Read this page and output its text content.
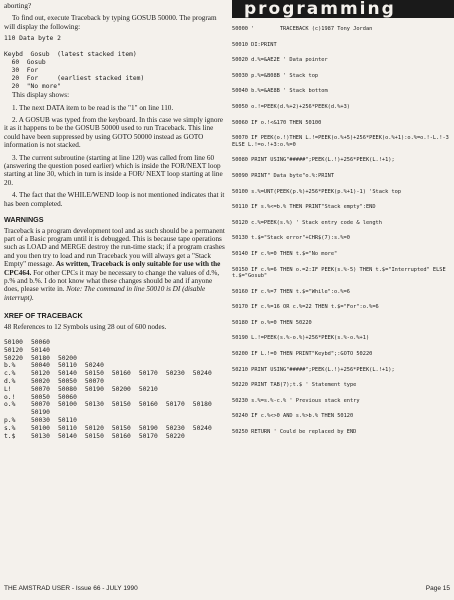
programming

aborting?

To find out, execute Traceback by typing GOSUB 50000. The program will display the following:

110 Data byte 2

Keybd  Gosub  (latest stacked item)
60  Gosub
30  For
20  For     (earliest stacked item)
20  "No more"

This display shows:

1. The next DATA item to be read is the "1" on line 110.

2. A GOSUB was typed from the keyboard. In this case we simply ignore it as it happens to be the GOSUB 50000 used to run Traceback. This line could have been suppressed by using GOTO 50000 instead as GOTO information is not stacked.

3. The current subroutine (starting at line 120) was called from line 60 (answering the question posed earlier) which is inside the FOR/NEXT loop starting at line 30, which in turn is inside a FOR/ NEXT loop starting at line 20.

4. The fact that the WHILE/WEND loop is not mentioned indicates that it has been completed.

WARNINGS

Traceback is a program development tool and as such should be a permanent part of a Basic program until it is debugged. This is because tape operations such as LOAD and MERGE destroy the run-time stack; if a program crashes and you then try to load and run Traceback you will always get a "Stack Empty" message. As written, Traceback is only suitable for use with the CPC464. For other CPCs it may be necessary to change the values of d.%, p.% and b.%. I do not know what these changes should be and if anyone does, please write in. Note: The command in line 50010 is DI (disable interrupt).

XREF OF TRACEBACK

48 References to 12 Symbols using 28 out of 600 nodes.

50100	50060						
50120	50140						
50220	50180	50200					

b.%	50040	50110	50240				
c.%	50120	50140	50150	50160	50170	50230	50240
d.%	50020	50050	50070				
L!	50070	50080	50190	50200	50210		
o.!	50050	50060					
o.%	50070	50100	50130	50150	50160	50170	50180
	50190						
p.%	50030	50110					
s.%	50100	50110	50120	50150	50190	50230	50240
t.$	50130	50140	50150	50160	50170	50220	
50000 '        TRACEBACK (c)1987 Tony Jordan
50010 DI:PRINT
50020 d.%=&AE2E ' Data pointer
50030 p.%=&B08B ' Stack top
50040 b.%=&AE8B ' Stack bottom
50050 o.!=PEEK(d.%+2)+256*PEEK(d.%+3)
50060 IF o.!<&170 THEN 50100
50070 IF PEEK(o.!)THEN L.!=PEEK(o.%+5)+256*PEEK(o.%+1):o.%=o.!-L.!-3 ELSE L.!=o.!+3:o.%=0
50080 PRINT USING"#####";PEEK(L.!)+256*PEEK(L.!+1);
50090 PRINT" Data byte"o.%:PRINT
50100 s.%=UNT(PEEK(p.%)+256*PEEK(p.%+1)-1) 'Stack top
50110 IF s.%<=b.% THEN PRINT"Stack empty":END
50120 c.%=PEEK(s.%) ' Stack entry code & length
50130 t.$="Stack error"+CHR$(7):s.%=0
50140 IF c.%=0 THEN t.$="No more"
50150 IF c.%=6 THEN o.=2:IF PEEK(s.%-5) THEN t.$="Interrupted" ELSE t.$="Gosub"
50160 IF c.%=7 THEN t.$="While":o.%=6
50170 IF c.%=16 OR c.%=22 THEN t.$="For":o.%=6
50180 IF o.%=0 THEN 50220
50190 L.!=PEEK(s.%-o.%)+256*PEEK(s.%-o.%+1)
50200 IF L.!=0 THEN PRINT"Keybd";:GOTO 50220
50210 PRINT USING"#####";PEEK(L.!)+256*PEEK(L.!+1);
50220 PRINT TAB(7);t.$ ' Statement type
50230 s.%=s.%-c.% ' Previous stack entry
50240 IF c.%<>0 AND s.%>b.% THEN 50120
50250 RETURN ' Could be replaced by END
THE AMSTRAD USER - Issue 66 - JULY 1990	Page 15
